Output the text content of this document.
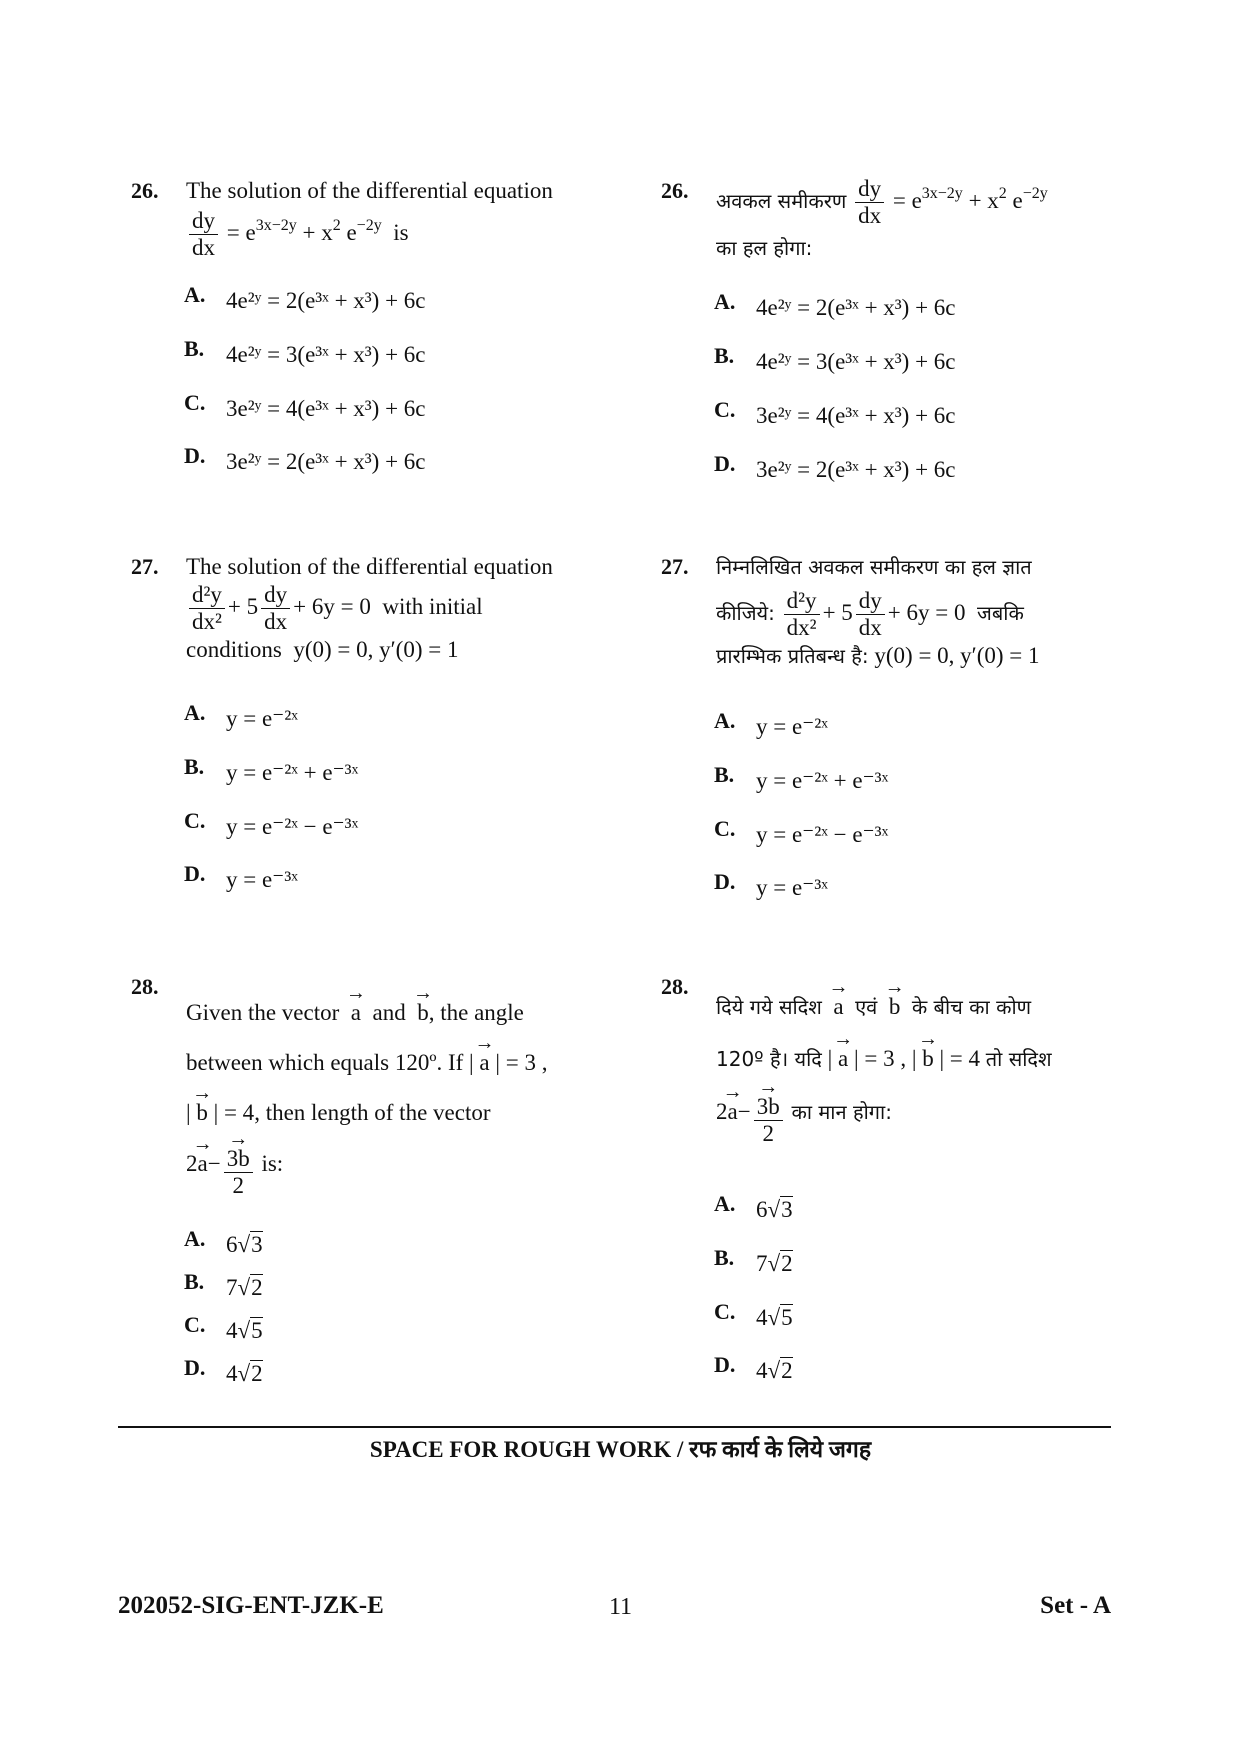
26. The solution of the differential equation
$\frac{dy}{dx} = e^{3x-2y} + x^2$ $e^{-2y}$ is
A. 4e²ʸ = 2(e³ˣ + x³) + 6c
B. 4e²ʸ = 3(e³ˣ + x³) + 6c
C. 3e²ʸ = 4(e³ˣ + x³) + 6c
D. 3e²ʸ = 2(e³ˣ + x³) + 6c
26. अवकल समीकरण $\frac{dy}{dx} = e^{3x-2y} + x^2$ $e^{-2y}$
का हल होगा:
A. 4e²ʸ = 2(e³ˣ + x³) + 6c
B. 4e²ʸ = 3(e³ˣ + x³) + 6c
C. 3e²ʸ = 4(e³ˣ + x³) + 6c
D. 3e²ʸ = 2(e³ˣ + x³) + 6c
27. The solution of the differential equation
$\frac{\text{d²y}}{\text{dx²}} + 5 \frac{dy}{dx} + 6y = 0$ with initial
conditions y(0) = 0, y′(0) = 1
A. y = e⁻²ˣ
B. y = e⁻²ˣ + e⁻³ˣ
C. y = e⁻²ˣ − e⁻³ˣ
D. y = e⁻³ˣ
27. निम्नलिखित अवकल समीकरण का हल ज्ञात
कीजिये: $\frac{\text{d²y}}{\text{dx²}} + 5 \frac{dy}{dx} + 6y = 0$ जबकि
प्रारम्भिक प्रतिबन्ध है: y(0) = 0, y′(0) = 1
A. y = e⁻²ˣ
B. y = e⁻²ˣ + e⁻³ˣ
C. y = e⁻²ˣ − e⁻³ˣ
D. y = e⁻³ˣ
28.
Given the vector  → a and  → b, the angle
between which equals 120º. If | → a | = 3 ,
| → b | = 4, then length of the vector
2→ a−
→ $\frac{3b}{2}$ is:
A. 6√3
B. 7√2
C. 4√5
D. 4√2
28.
दिये गये सदिश  → a एवं  → b के बीच का कोण
120º है। यदि | → a | = 3 , | → b | = 4 तो सदिश
2→ a−
→ $\frac{3b}{2}$ का मान होगा:
A. 6√3
B. 7√2
C. 4√5
D. 4√2
SPACE FOR ROUGH WORK / रफ कार्य के लिये जगह
202052-SIG-ENT-JZK-E	11	Set - A
